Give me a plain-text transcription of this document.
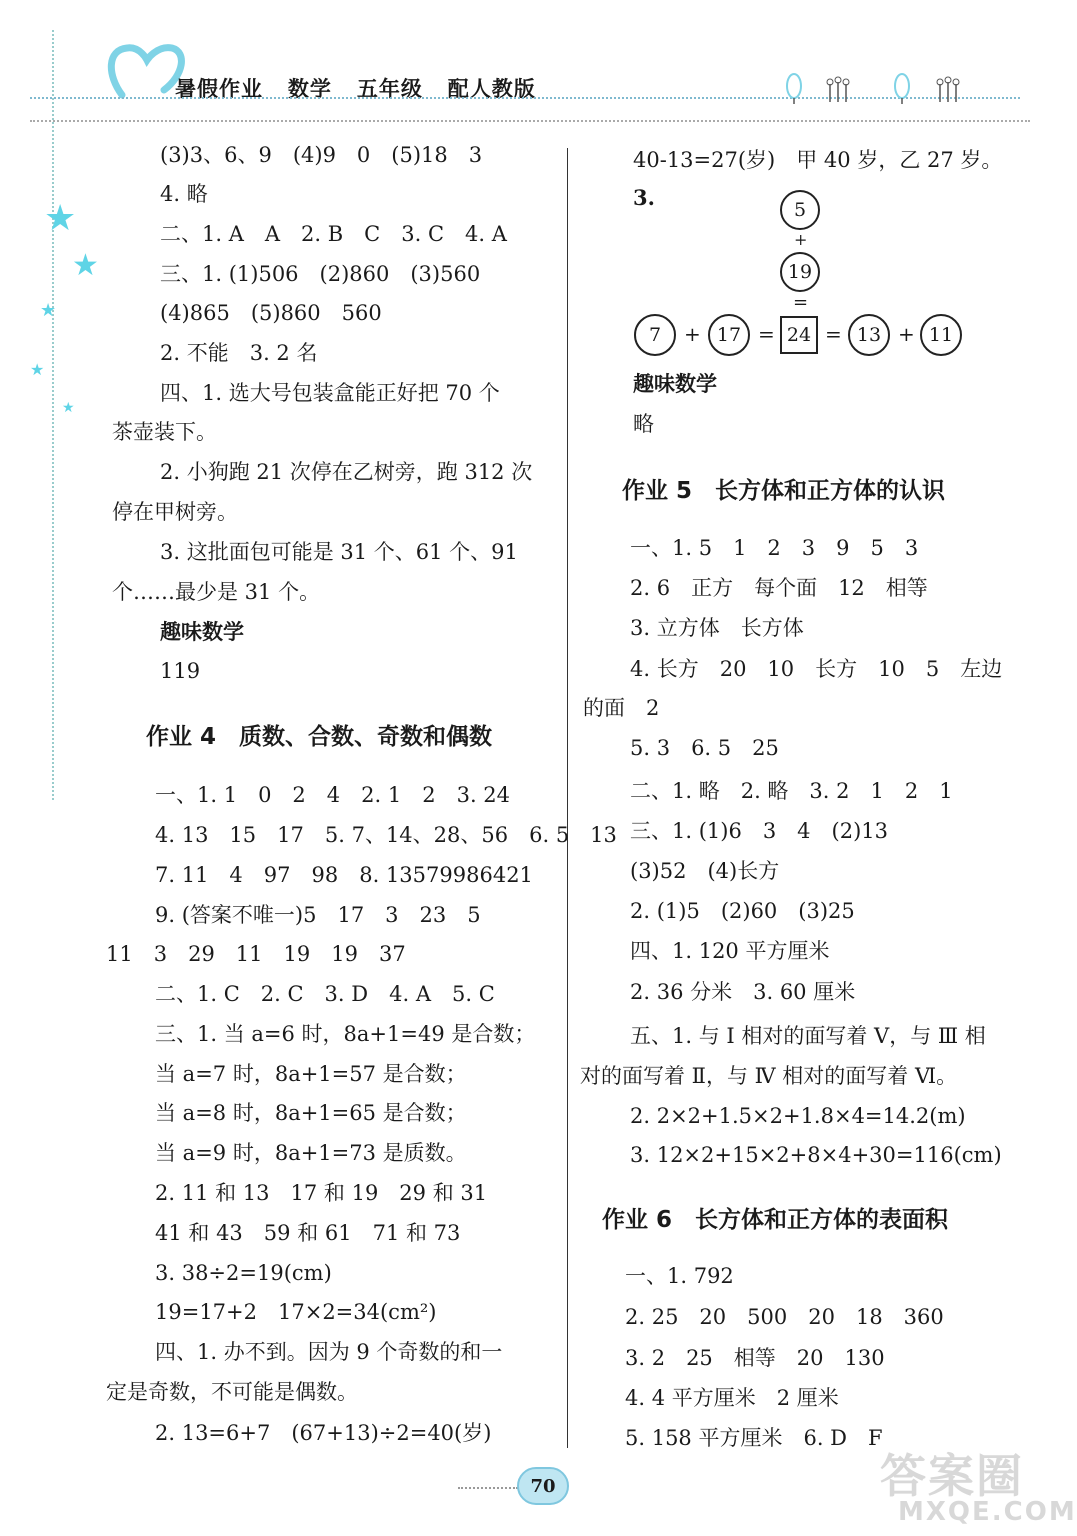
暑假作业   数学   五年级   配人教版
★
★
★
★
★
(3)3、6、9　(4)9　0　(5)18　3
4. 略
二、1. A　A　2. B　C　3. C　4. A
三、1. (1)506　(2)860　(3)560
(4)865　(5)860　560
2. 不能　3. 2 名
四、1. 选大号包装盒能正好把 70 个
茶壶装下。
2. 小狗跑 21 次停在乙树旁，跑 312 次
停在甲树旁。
3. 这批面包可能是 31 个、61 个、91
个……最少是 31 个。
趣味数学
119
作业 4　质数、合数、奇数和偶数
一、1. 1　0　2　4　2. 1　2　3. 24
4. 13　15　17　5. 7、14、28、56　6. 5　13
7. 11　4　97　98　8. 13579986421
9. (答案不唯一)5　17　3　23　5
11　3　29　11　19　19　37
二、1. C　2. C　3. D　4. A　5. C
三、1. 当 a=6 时，8a+1=49 是合数；
当 a=7 时，8a+1=57 是合数；
当 a=8 时，8a+1=65 是合数；
当 a=9 时，8a+1=73 是质数。
2. 11 和 13　17 和 19　29 和 31
41 和 43　59 和 61　71 和 73
3. 38÷2=19(cm)
19=17+2　17×2=34(cm²)
四、1. 办不到。因为 9 个奇数的和一
定是奇数，不可能是偶数。
2. 13=6+7　(67+13)÷2=40(岁)
40-13=27(岁)　甲 40 岁，乙 27 岁。
3.	5
+
19
=
7	+ 17 = 24 = 13 + 11
趣味数学
略
作业 5　长方体和正方体的认识
一、1. 5　1　2　3　9　5　3
2. 6　正方　每个面　12　相等
3. 立方体　长方体
4. 长方　20　10　长方　10　5　左边
的面　2
5. 3　6. 5　25
二、1. 略　2. 略　3. 2　1　2　1
三、1. (1)6　3　4　(2)13
(3)52　(4)长方
2. (1)5　(2)60　(3)25
四、1. 120 平方厘米
2. 36 分米　3. 60 厘米
五、1. 与 Ⅰ 相对的面写着 Ⅴ，与 Ⅲ 相
对的面写着 Ⅱ，与 Ⅳ 相对的面写着 Ⅵ。
2. 2×2+1.5×2+1.8×4=14.2(m)
3. 12×2+15×2+8×4+30=116(cm)
作业 6　长方体和正方体的表面积
一、1. 792
2. 25　20　500　20　18　360
3. 2　25　相等　20　130
4. 4 平方厘米　2 厘米
5. 158 平方厘米　6. D　F
70	答案圈
MXQE.COM
